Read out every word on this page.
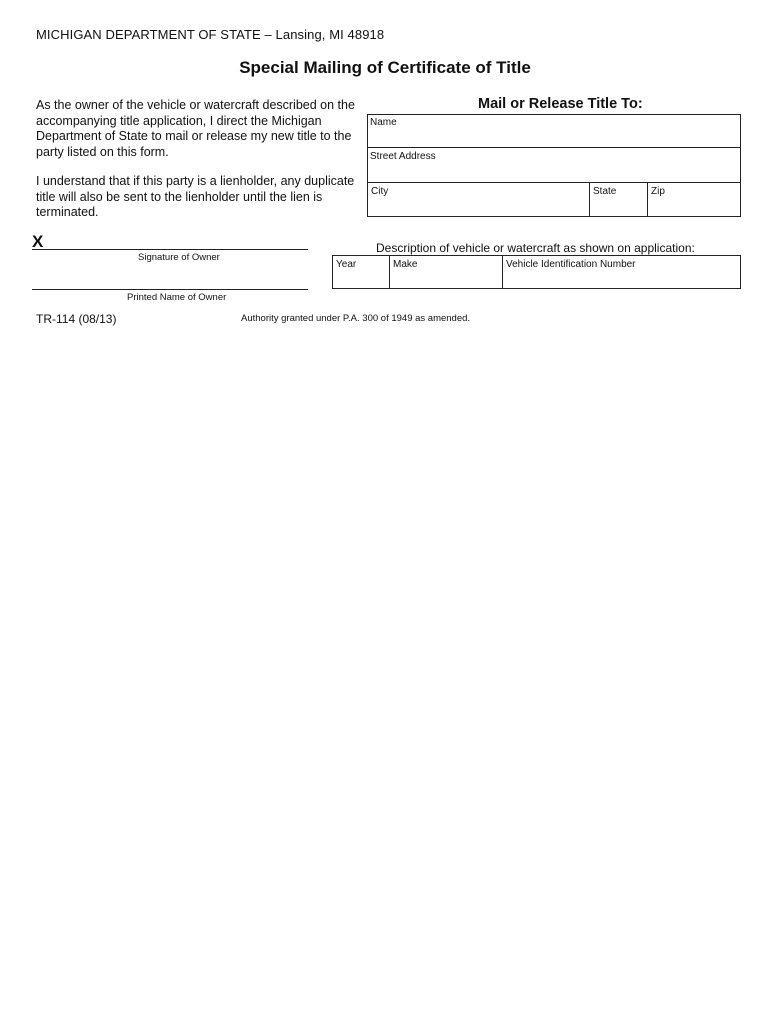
MICHIGAN DEPARTMENT OF STATE – Lansing, MI 48918
Special Mailing of Certificate of Title
As the owner of the vehicle or watercraft described on the accompanying title application, I direct the Michigan Department of State to mail or release my new title to the party listed on this form.
I understand that if this party is a lienholder, any duplicate title will also be sent to the lienholder until the lien is terminated.
Mail or Release Title To:
Name
Street Address
City	State	Zip
X
Signature of Owner
Printed Name of Owner
Description of vehicle or watercraft as shown on application:
Year	Make	Vehicle Identification Number
TR-114 (08/13)	Authority granted under P.A. 300 of 1949 as amended.
